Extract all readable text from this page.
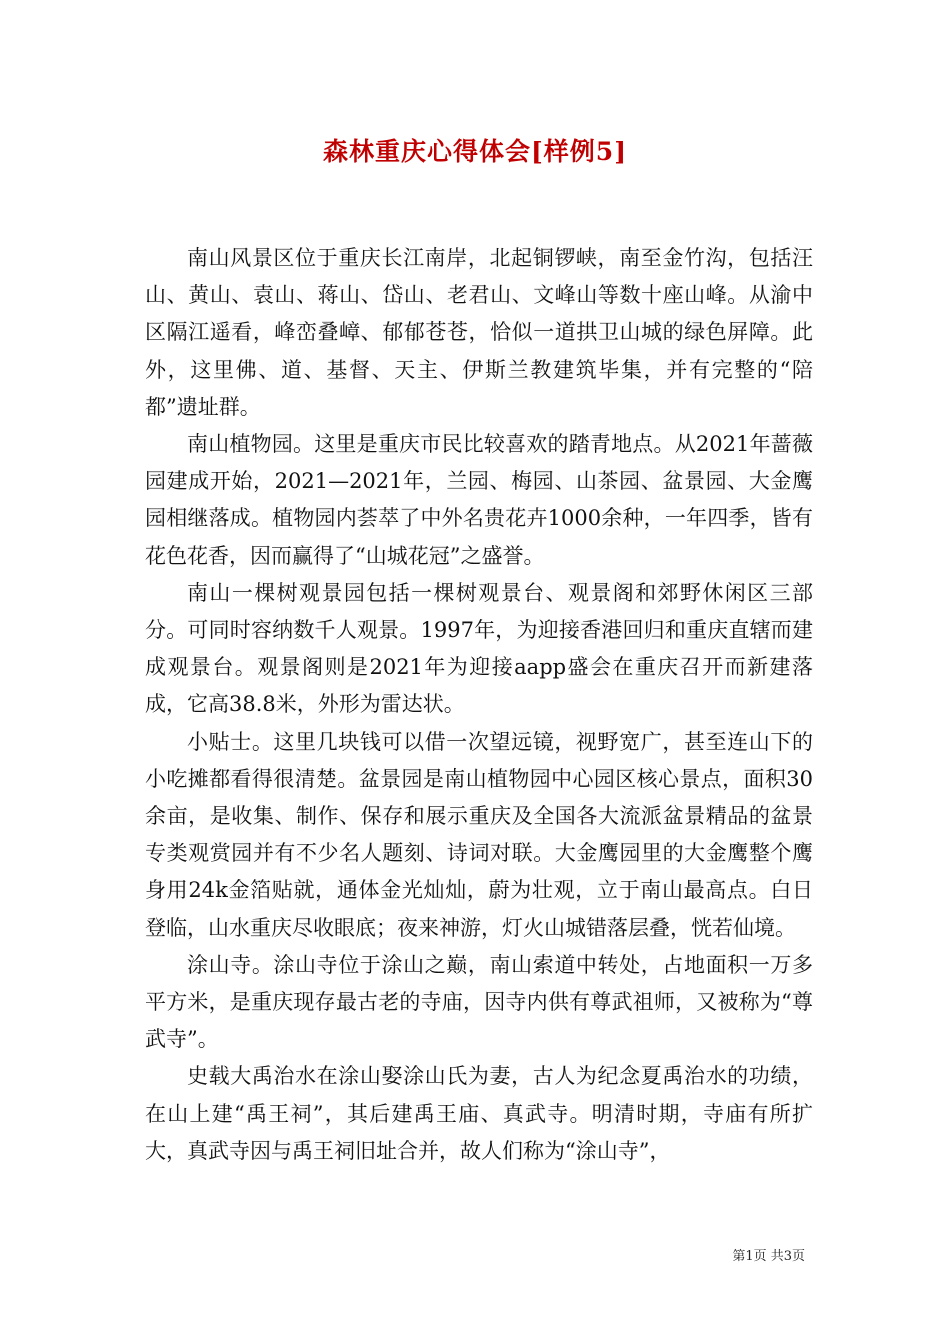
森林重庆心得体会[样例5]

南山风景区位于重庆长江南岸，北起铜锣峡，南至金竹沟，包括汪山、黄山、袁山、蒋山、岱山、老君山、文峰山等数十座山峰。从渝中区隔江遥看，峰峦叠嶂、郁郁苍苍，恰似一道拱卫山城的绿色屏障。此外，这里佛、道、基督、天主、伊斯兰教建筑毕集，并有完整的“陪都”遗址群。

南山植物园。这里是重庆市民比较喜欢的踏青地点。从2021年蔷薇园建成开始，2021—2021年，兰园、梅园、山茶园、盆景园、大金鹰园相继落成。植物园内荟萃了中外名贵花卉1000余种，一年四季，皆有花色花香，因而赢得了“山城花冠”之盛誉。

南山一棵树观景园包括一棵树观景台、观景阁和郊野休闲区三部分。可同时容纳数千人观景。1997年，为迎接香港回归和重庆直辖而建成观景台。观景阁则是2021年为迎接aapp盛会在重庆召开而新建落成，它高38.8米，外形为雷达状。

小贴士。这里几块钱可以借一次望远镜，视野宽广，甚至连山下的小吃摊都看得很清楚。盆景园是南山植物园中心园区核心景点，面积30余亩，是收集、制作、保存和展示重庆及全国各大流派盆景精品的盆景专类观赏园并有不少名人题刻、诗词对联。大金鹰园里的大金鹰整个鹰身用24k金箔贴就，通体金光灿灿，蔚为壮观，立于南山最高点。白日登临，山水重庆尽收眼底；夜来神游，灯火山城错落层叠，恍若仙境。

涂山寺。涂山寺位于涂山之巅，南山索道中转处，占地面积一万多平方米，是重庆现存最古老的寺庙，因寺内供有尊武祖师，又被称为“尊武寺”。

史载大禹治水在涂山娶涂山氏为妻，古人为纪念夏禹治水的功绩，在山上建“禹王祠”，其后建禹王庙、真武寺。明清时期，寺庙有所扩大，真武寺因与禹王祠旧址合并，故人们称为“涂山寺”，

第1页 共3页
